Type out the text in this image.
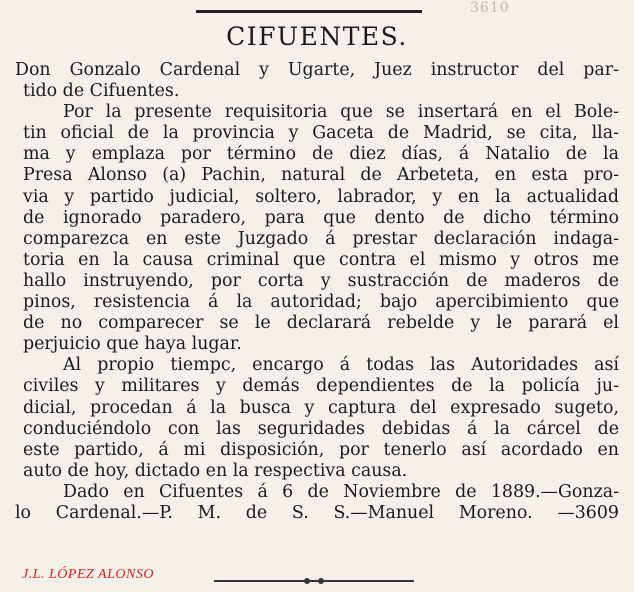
3610
CIFUENTES.
Don Gonzalo Cardenal y Ugarte, Juez instructor del par-
tido de Cifuentes.
Por la presente requisitoria que se insertará en el Bole-
tin oficial de la provincia y Gaceta de Madrid, se cita, lla-
ma y emplaza por término de diez días, á Natalio de la
Presa Alonso (a) Pachin, natural de Arbeteta, en esta pro-
via y partido judicial, soltero, labrador, y en la actualidad
de ignorado paradero, para que dento de dicho término
comparezca en este Juzgado á prestar declaración indaga-
toria en la causa criminal que contra el mismo y otros me
hallo instruyendo, por corta y sustracción de maderos de
pinos, resistencia á la autoridad; bajo apercibimiento que
de no comparecer se le declarará rebelde y le parará el
perjuicio que haya lugar.
Al propio tiempc, encargo á todas las Autoridades así
civiles y militares y demás dependientes de la policía ju-
dicial, procedan á la busca y captura del expresado sugeto,
conduciéndolo con las seguridades debidas á la cárcel de
este partido, á mi disposición, por tenerlo así acordado en
auto de hoy, dictado en la respectiva causa.
Dado en Cifuentes á 6 de Noviembre de 1889.—Gonza-
lo Cardenal.—P. M. de S. S.—Manuel Moreno. —3609
J.L. LÓPEZ ALONSO
